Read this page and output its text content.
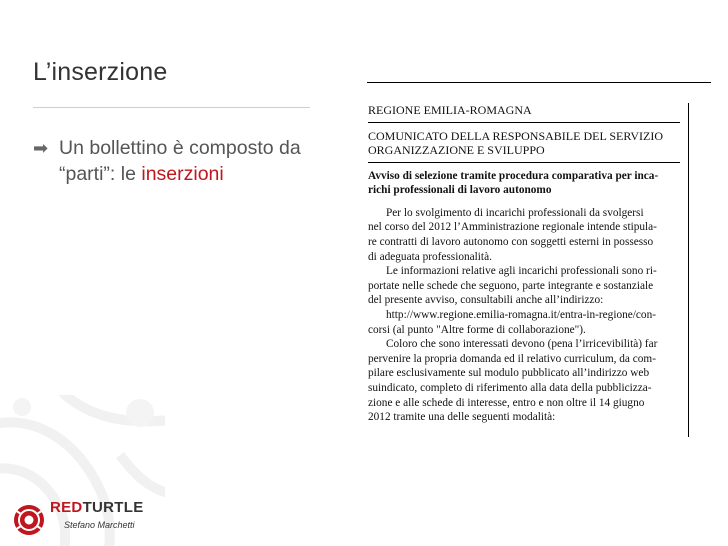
L’inserzione
➡ Un bollettino è composto da “parti”: le inserzioni
REGIONE EMILIA-ROMAGNA
COMUNICATO DELLA RESPONSABILE DEL SERVIZIO
ORGANIZZAZIONE E SVILUPPO
Avviso di selezione tramite procedura comparativa per inca-
richi professionali di lavoro autonomo

Per lo svolgimento di incarichi professionali da svolgersi
nel corso del 2012 l’Amministrazione regionale intende stipula-
re contratti di lavoro autonomo con soggetti esterni in possesso
di adeguata professionalità.

Le informazioni relative agli incarichi professionali sono ri-
portate nelle schede che seguono, parte integrante e sostanziale
del presente avviso, consultabili anche all’indirizzo:

http://www.regione.emilia-romagna.it/entra-in-regione/con-
corsi (al punto "Altre forme di collaborazione").

Coloro che sono interessati devono (pena l’irricevibilità) far
pervenire la propria domanda ed il relativo curriculum, da com-
pilare esclusivamente sul modulo pubblicato all’indirizzo web
suindicato, completo di riferimento alla data della pubblicizza-
zione e alle schede di interesse, entro e non oltre il 14 giugno
2012 tramite una delle seguenti modalità:

REDTURTLE
Stefano Marchetti
